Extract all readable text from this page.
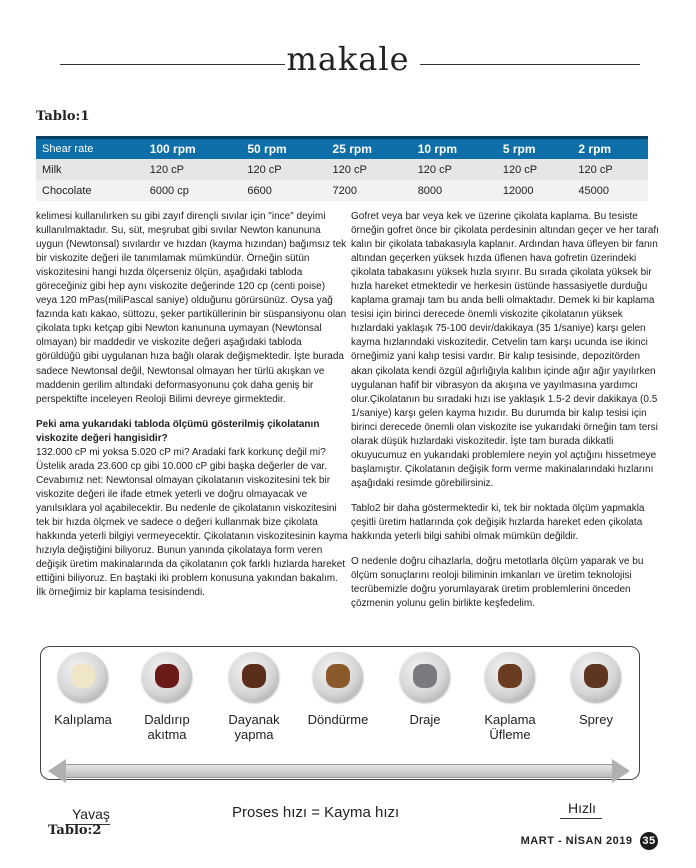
makale
Tablo:1
Shear rate	100 rpm	50 rpm	25 rpm	10 rpm	5 rpm	2 rpm
Milk	120 cP	120 cP	120 cP	120 cP	120 cP	120 cP
Chocolate	6000 cp	6600	7200	8000	12000	45000

kelimesi kullanılırken su gibi zayıf dirençli sıvılar için "ince" deyimi kullanılmaktadır. Su, süt, meşrubat gibi sıvılar Newton kanununa uygun (Newtonsal) sıvılardır ve hızdan (kayma hızından) bağımsız tek bir viskozite değeri ile tanımlamak mümkündür. Örneğin sütün viskozitesini hangi hızda ölçerseniz ölçün, aşağıdaki tabloda göreceğiniz gibi hep aynı viskozite değerinde 120 cp (centi poise) veya 120 mPas(miliPascal saniye) olduğunu görürsünüz. Oysa yağ fazında katı kakao, süttozu, şeker partiküllerinin bir süspansiyonu olan çikolata tıpkı ketçap gibi Newton kanununa uymayan (Newtonsal olmayan) bir maddedir ve viskozite değeri aşağıdaki tabloda görüldüğü gibi uygulanan hıza bağlı olarak değişmektedir. İşte burada sadece Newtonsal değil, Newtonsal olmayan her türlü akışkan ve maddenin gerilim altındaki deformasyonunu çok daha geniş bir perspektifte inceleyen Reoloji Bilimi devreye girmektedir.

Peki ama yukarıdaki tabloda ölçümü gösterilmiş çikolatanın viskozite değeri hangisidir?

132.000 cP mi yoksa 5.020 cP mi? Aradaki fark korkunç değil mi? Üstelik arada 23.600 cp gibi 10.000 cP gibi başka değerler de var. Cevabımız net: Newtonsal olmayan çikolatanın viskozitesini tek bir viskozite değeri ile ifade etmek yeterli ve doğru olmayacak ve yanılsıklara yol açabilecektir. Bu nedenle de çikolatanın viskozitesini tek bir hızda ölçmek ve sadece o değeri kullanmak bize çikolata hakkında yeterli bilgiyi vermeyecektir. Çikolatanın viskozitesinin kayma hızıyla değiştiğini biliyoruz. Bunun yanında çikolataya form veren değişik üretim makinalarında da çikolatanın çok farklı hızlarda hareket ettiğini biliyoruz. En baştaki iki problem konusuna yakından bakalım. İlk örneğimiz bir kaplama tesisindendi.

Gofret veya bar veya kek ve üzerine çikolata kaplama. Bu tesiste örneğin gofret önce bir çikolata perdesinin altından geçer ve her tarafı kalın bir çikolata tabakasıyla kaplanır. Ardından hava üfleyen bir fanın altından geçerken yüksek hızda üflenen hava gofretin üzerindeki çikolata tabakasını yüksek hızla sıyırır. Bu sırada çikolata yüksek bir hızla hareket etmektedir ve herkesin üstünde hassasiyetle durduğu kaplama gramajı tam bu anda belli olmaktadır. Demek ki bir kaplama tesisi için birinci derecede önemli viskozite çikolatanın yüksek hızlardaki yaklaşık 75-100 devir/dakikaya (35 1/saniye) karşı gelen kayma hızlarındaki viskozitedir. Cetvelin tam karşı ucunda ise ikinci örneğimiz yani kalıp tesisi vardır. Bir kalıp tesisinde, depozitörden akan çikolata kendi özgül ağırlığıyla kalıbın içinde ağır ağır yayılırken uygulanan hafif bir vibrasyon da akışına ve yayılmasına yardımcı olur.Çikolatanın bu sıradaki hızı ise yaklaşık 1.5-2 devir dakikaya (0.5 1/saniye) karşı gelen kayma hızıdır. Bu durumda bir kalıp tesisi için birinci derecede önemli olan viskozite ise yukarıdaki örneğin tam tersi olarak düşük hızlardaki viskozitedir. İşte tam burada dikkatli okuyucumuz en yukarıdaki problemlere neyin yol açtığını hissetmeye başlamıştır. Çikolatanın değişik form verme makinalarındaki hızlarını aşağıdaki resimde görebilirsiniz.

Tablo2 bir daha göstermektedir ki, tek bir noktada ölçüm yapmakla çeşitli üretim hatlarında çok değişik hızlarda hareket eden çikolata hakkında yeterli bilgi sahibi olmak mümkün değildir.

O nedenle doğru cihazlarla, doğru metotlarla ölçüm yaparak ve bu ölçüm sonuçlarını reoloji biliminin imkanları ve üretim teknolojisi tecrübemizle doğru yorumlayarak üretim problemlerini önceden çözmenin yolunu gelin birlikte keşfedelim.

Kalıplama	Daldırıp akıtma
Dayanak yapma
Döndürme	Draje	Kaplama Üfleme
Sprey
Yavaş	Proses hızı = Kayma hızı	Hızlı
Tablo:2
MART - NİSAN 2019 35
